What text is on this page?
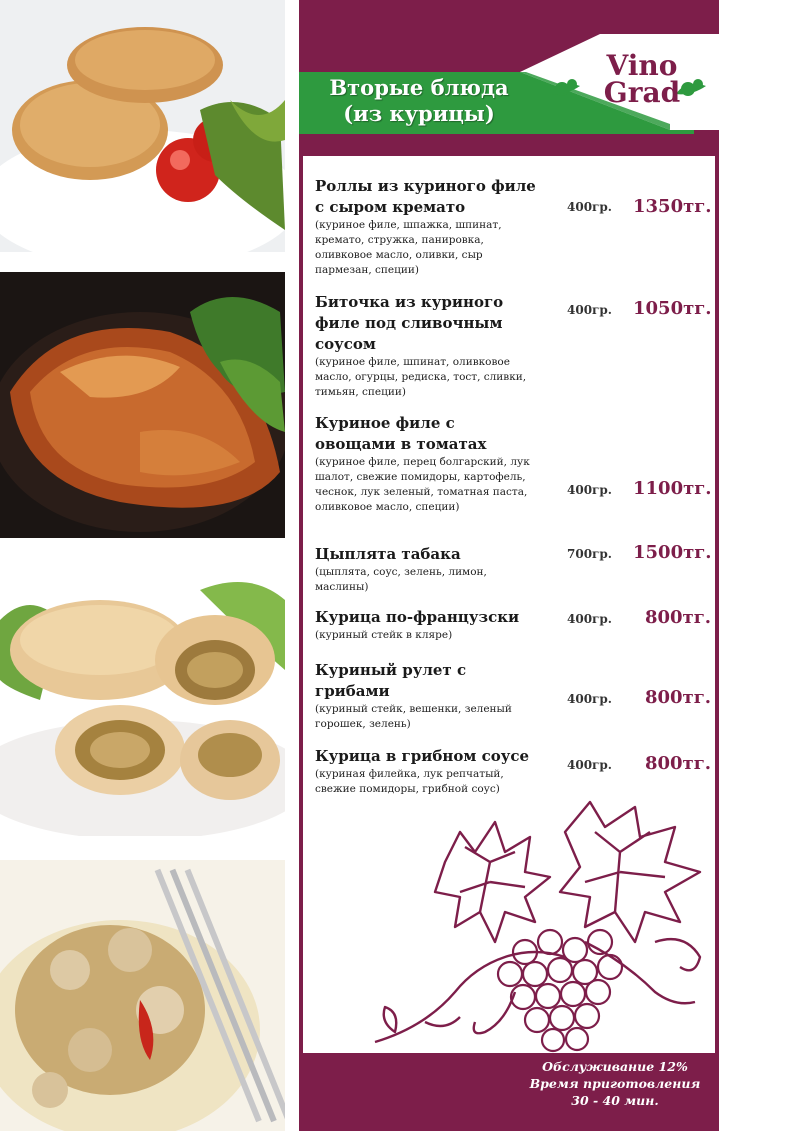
Вторые блюда
(из курицы)
Vino
Grad
Роллы из куриного филе с сыром кремато
(куриное филе, шпажка, шпинат, кремато, стружка, панировка, оливковое масло, оливки, сыр пармезан, специи)
400гр.	1350тг.
Биточка из куриного филе под сливочным соусом
(куриное филе, шпинат, оливковое масло, огурцы, редиска, тост, сливки, тимьян, специи)
400гр.	1050тг.
Куриное филе с овощами в томатах
(куриное филе, перец болгарский, лук шалот, свежие помидоры, картофель, чеснок, лук зеленый, томатная паста, оливковое масло, специи)
400гр.	1100тг.
Цыплята табака
(цыплята, соус, зелень, лимон, маслины)
700гр.	1500тг.
Курица по-французски
(куриный стейк в кляре)
400гр.	800тг.
Куриный рулет с грибами
(куриный стейк, вешенки, зеленый горошек, зелень)
400гр.	800тг.
Курица в грибном соусе
(куриная филейка, лук репчатый, свежие помидоры, грибной соус)
400гр.	800тг.
Обслуживание 12%
Время приготовления
30 - 40 мин.
